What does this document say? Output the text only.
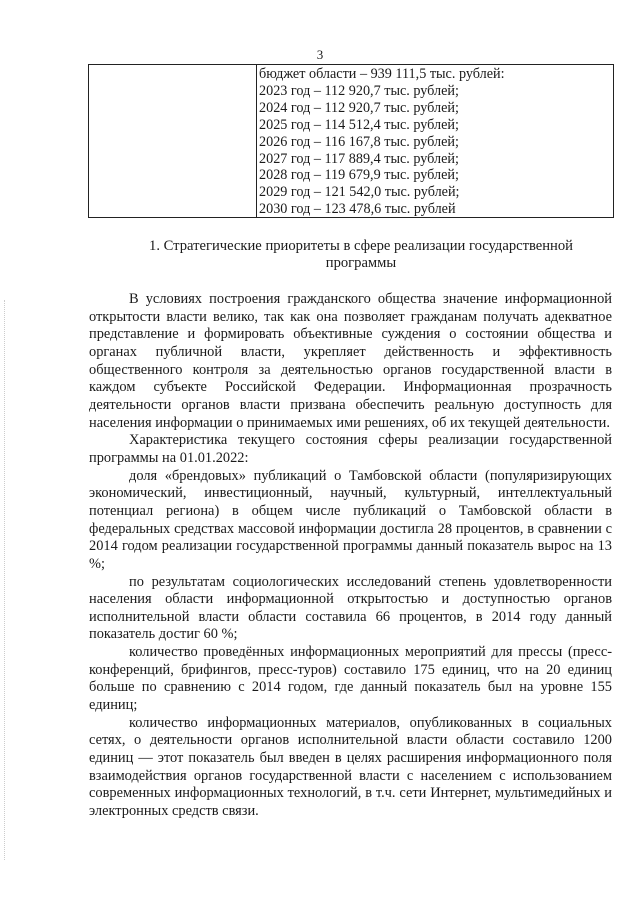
3
бюджет области – 939 111,5 тыс. рублей:
2023 год – 112 920,7 тыс. рублей;
2024 год – 112 920,7 тыс. рублей;
2025 год – 114 512,4 тыс. рублей;
2026 год – 116 167,8 тыс. рублей;
2027 год – 117 889,4 тыс. рублей;
2028 год – 119 679,9 тыс. рублей;
2029 год – 121 542,0 тыс. рублей;
2030 год – 123 478,6 тыс. рублей
1. Стратегические приоритеты в сфере реализации государственной
программы

В условиях построения гражданского общества значение информационной открытости власти велико, так как она позволяет гражданам получать адекватное представление и формировать объективные суждения о состоянии общества и органах публичной власти, укрепляет действенность и эффективность общественного контроля за деятельностью органов государственной власти в каждом субъекте Российской Федерации. Информационная прозрачность деятельности органов власти призвана обеспечить реальную доступность для населения информации о принимаемых ими решениях, об их текущей деятельности.

Характеристика текущего состояния сферы реализации государственной программы на 01.01.2022:

доля «брендовых» публикаций о Тамбовской области (популяризирующих экономический, инвестиционный, научный, культурный, интеллектуальный потенциал региона) в общем числе публикаций о Тамбовской области в федеральных средствах массовой информации достигла 28 процентов, в сравнении с 2014 годом реализации государственной программы данный показатель вырос на 13 %;

по результатам социологических исследований степень удовлетворенности населения области информационной открытостью и доступностью органов исполнительной власти области составила 66 процентов, в 2014 году данный показатель достиг 60 %;

количество проведённых информационных мероприятий для прессы (пресс-конференций, брифингов, пресс-туров) составило 175 единиц, что на 20 единиц больше по сравнению с 2014 годом, где данный показатель был на уровне 155 единиц;

количество информационных материалов, опубликованных в социальных сетях, о деятельности органов исполнительной власти области составило 1200 единиц — этот показатель был введен в целях расширения информационного поля взаимодействия органов государственной власти с населением с использованием современных информационных технологий, в т.ч. сети Интернет, мультимедийных и электронных средств связи.
